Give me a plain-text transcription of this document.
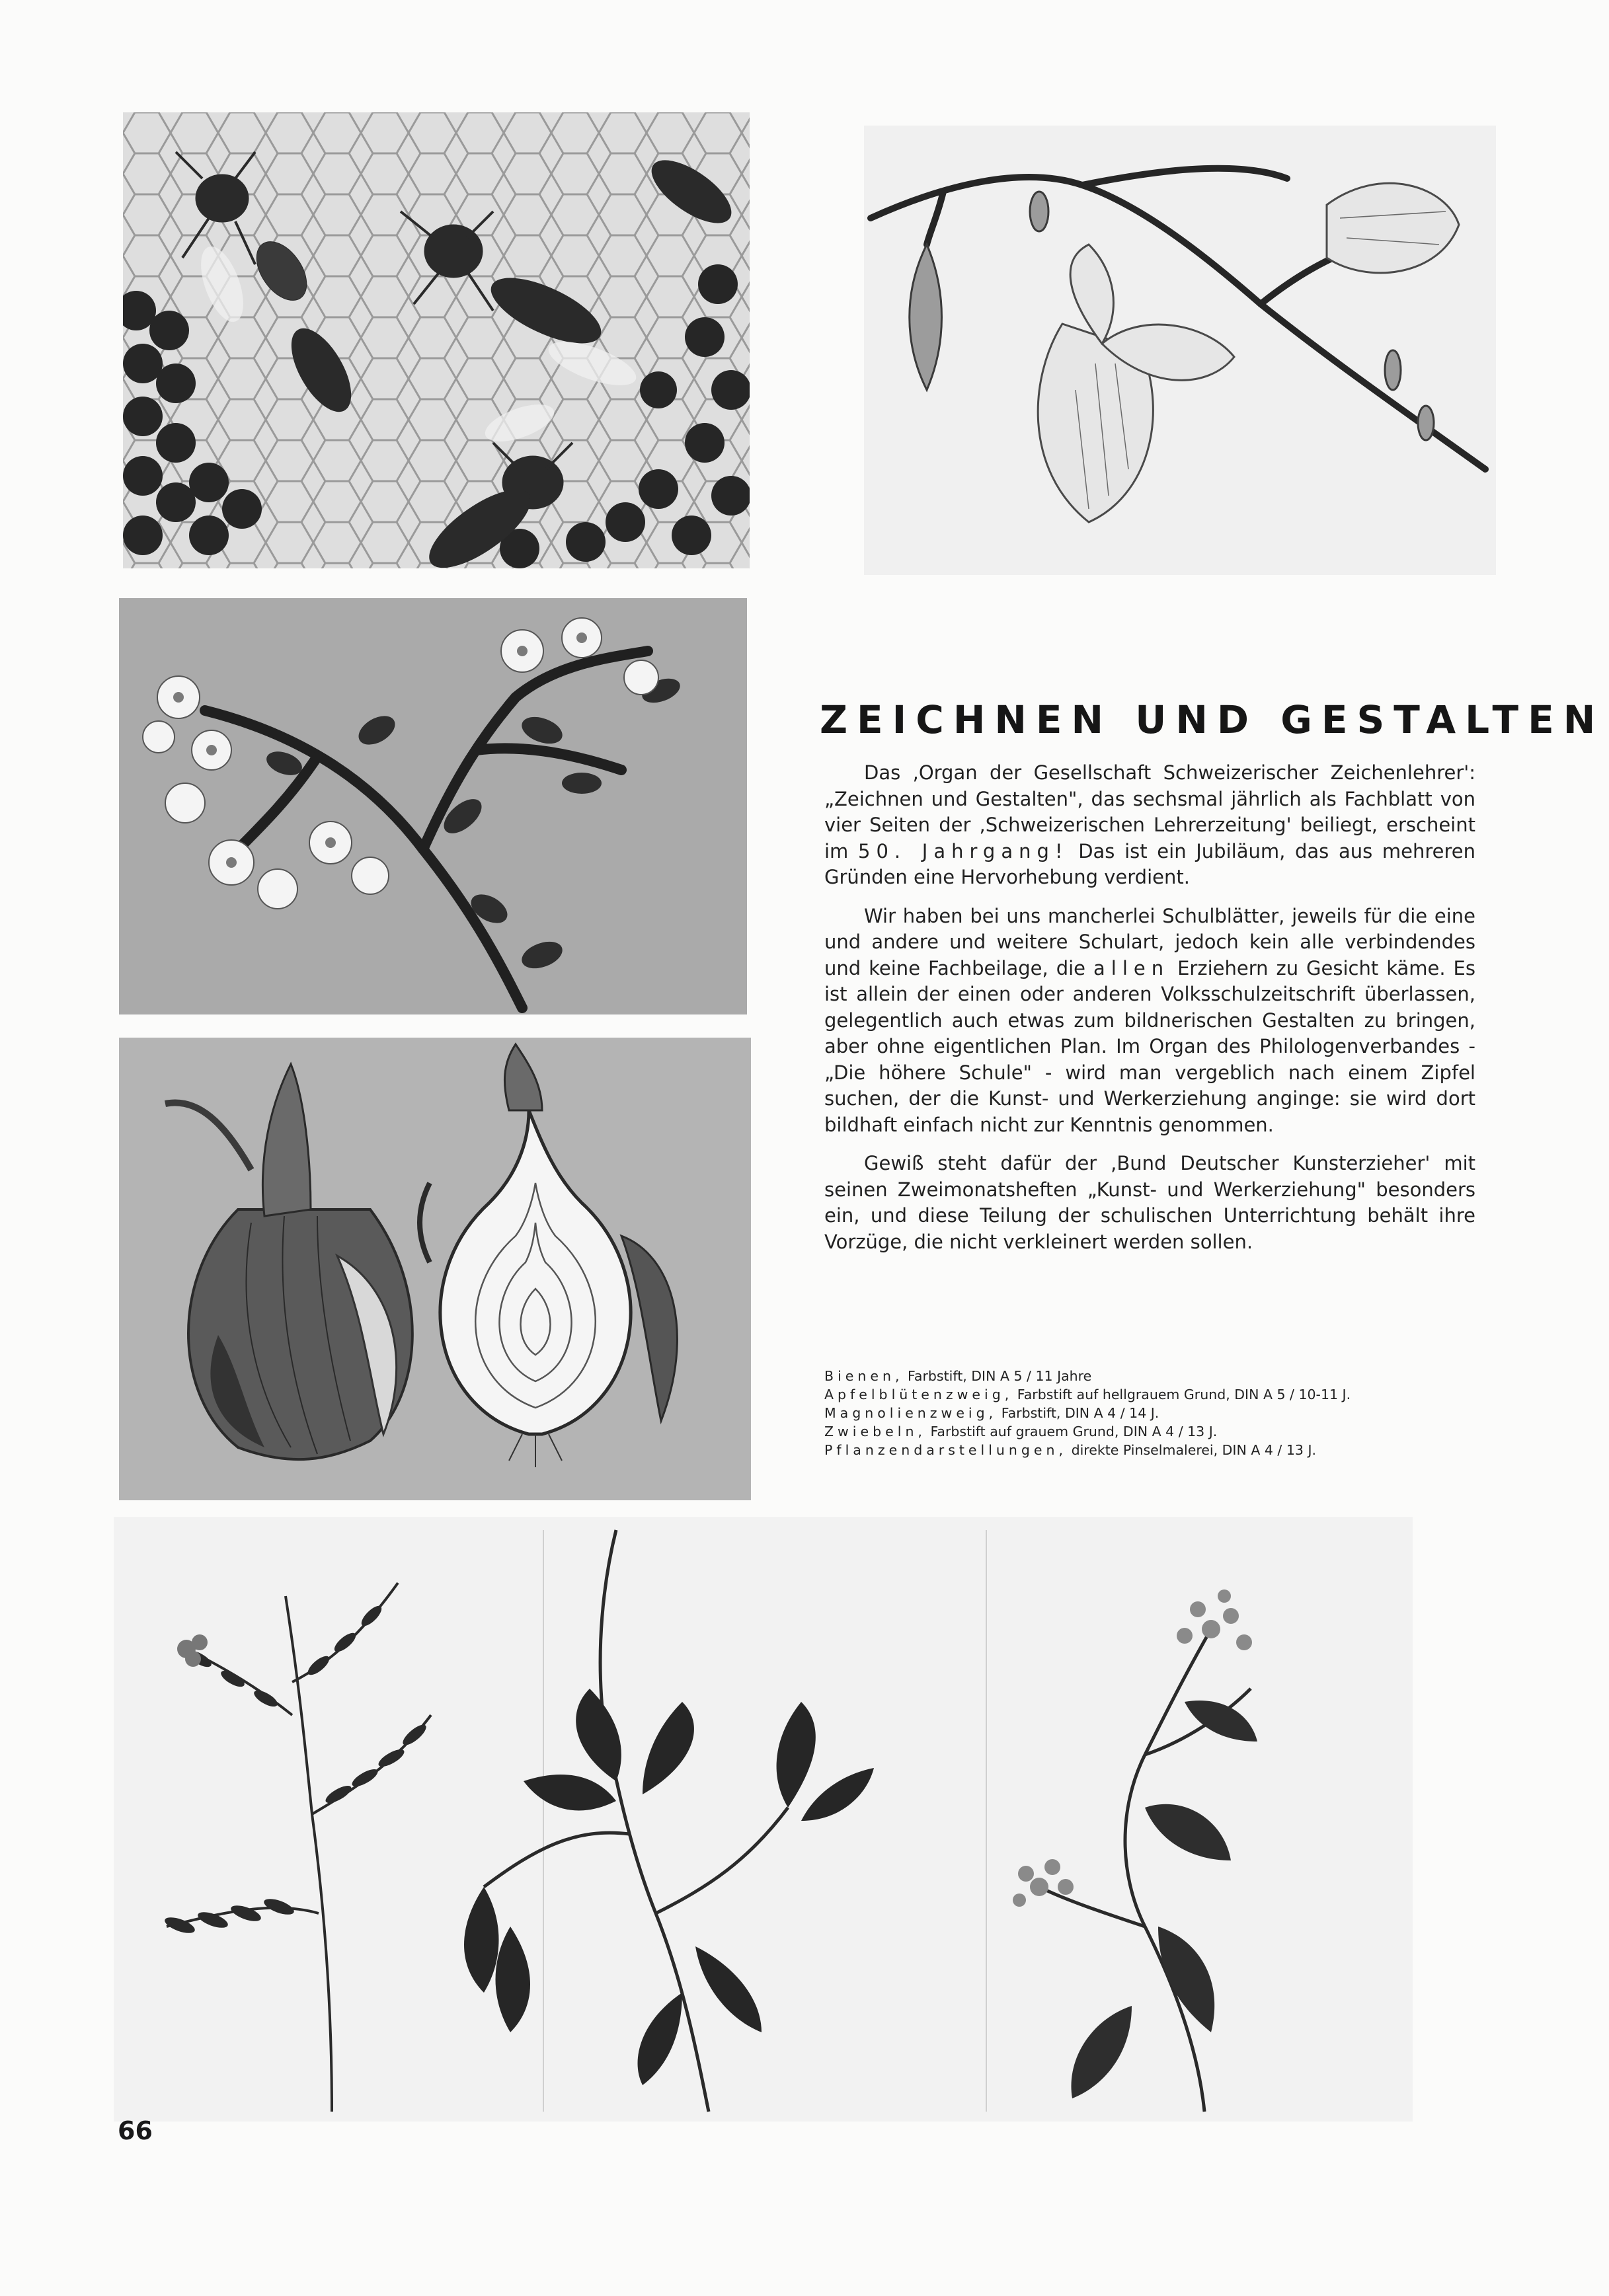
ZEICHNEN UND GESTALTEN

Das ,Organ der Gesellschaft Schweizerischer Zeichenlehrer': „Zeichnen und Gestalten", das sechsmal jährlich als Fachblatt von vier Seiten der ,Schweizerischen Lehrerzeitung' beiliegt, erscheint im 50. Jahrgang! Das ist ein Jubiläum, das aus mehreren Gründen eine Hervorhebung verdient.

Wir haben bei uns mancherlei Schulblätter, jeweils für die eine und andere und weitere Schulart, jedoch kein alle verbindendes und keine Fachbeilage, die allen Erziehern zu Gesicht käme. Es ist allein der einen oder anderen Volksschulzeitschrift überlassen, gelegentlich auch etwas zum bildnerischen Gestalten zu bringen, aber ohne eigentlichen Plan. Im Organ des Philologenverbandes - „Die höhere Schule" - wird man vergeblich nach einem Zipfel suchen, der die Kunst- und Werkerziehung anginge: sie wird dort bildhaft einfach nicht zur Kenntnis genommen.

Gewiß steht dafür der ,Bund Deutscher Kunsterzieher' mit seinen Zweimonatsheften „Kunst- und Werkerziehung" besonders ein, und diese Teilung der schulischen Unterrichtung behält ihre Vorzüge, die nicht verkleinert werden sollen.

Bienen, Farbstift, DIN A 5 / 11 Jahre
Apfelblütenzweig, Farbstift auf hellgrauem Grund, DIN A 5 / 10-11 J.
Magnolienzweig, Farbstift, DIN A 4 / 14 J.
Zwiebeln, Farbstift auf grauem Grund, DIN A 4 / 13 J.
Pflanzendarstellungen, direkte Pinselmalerei, DIN A 4 / 13 J.
66
